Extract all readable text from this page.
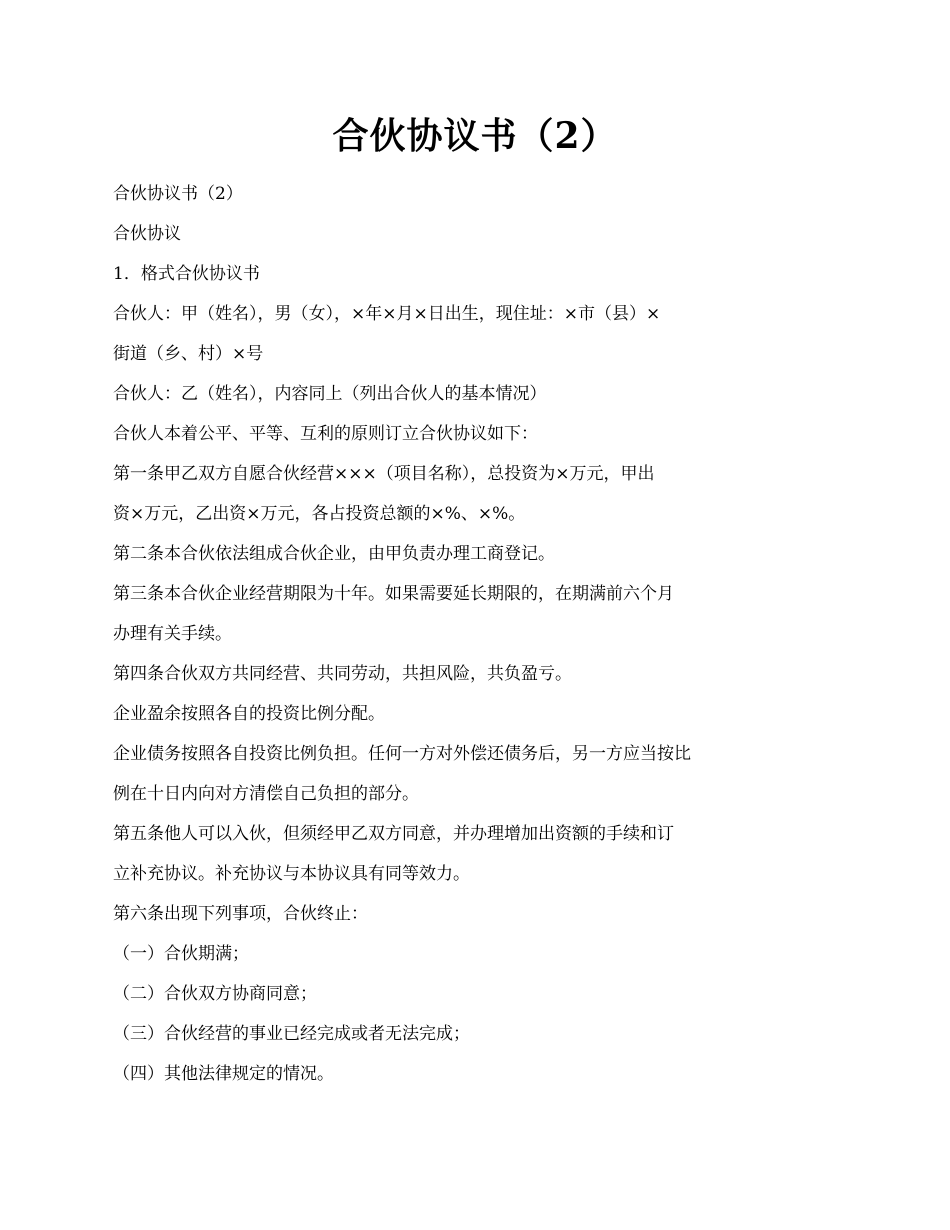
合伙协议书（2）
合伙协议书（2）
合伙协议
1．格式合伙协议书
合伙人：甲（姓名），男（女），×年×月×日出生，现住址：×市（县）×
街道（乡、村）×号
合伙人：乙（姓名），内容同上（列出合伙人的基本情况）
合伙人本着公平、平等、互利的原则订立合伙协议如下：
第一条甲乙双方自愿合伙经营×××（项目名称），总投资为×万元，甲出
资×万元，乙出资×万元，各占投资总额的×%、×%。
第二条本合伙依法组成合伙企业，由甲负责办理工商登记。
第三条本合伙企业经营期限为十年。如果需要延长期限的，在期满前六个月
办理有关手续。
第四条合伙双方共同经营、共同劳动，共担风险，共负盈亏。
企业盈余按照各自的投资比例分配。
企业债务按照各自投资比例负担。任何一方对外偿还债务后，另一方应当按比
例在十日内向对方清偿自己负担的部分。
第五条他人可以入伙，但须经甲乙双方同意，并办理增加出资额的手续和订
立补充协议。补充协议与本协议具有同等效力。
第六条出现下列事项，合伙终止：
（一）合伙期满；
（二）合伙双方协商同意；
（三）合伙经营的事业已经完成或者无法完成；
（四）其他法律规定的情况。
